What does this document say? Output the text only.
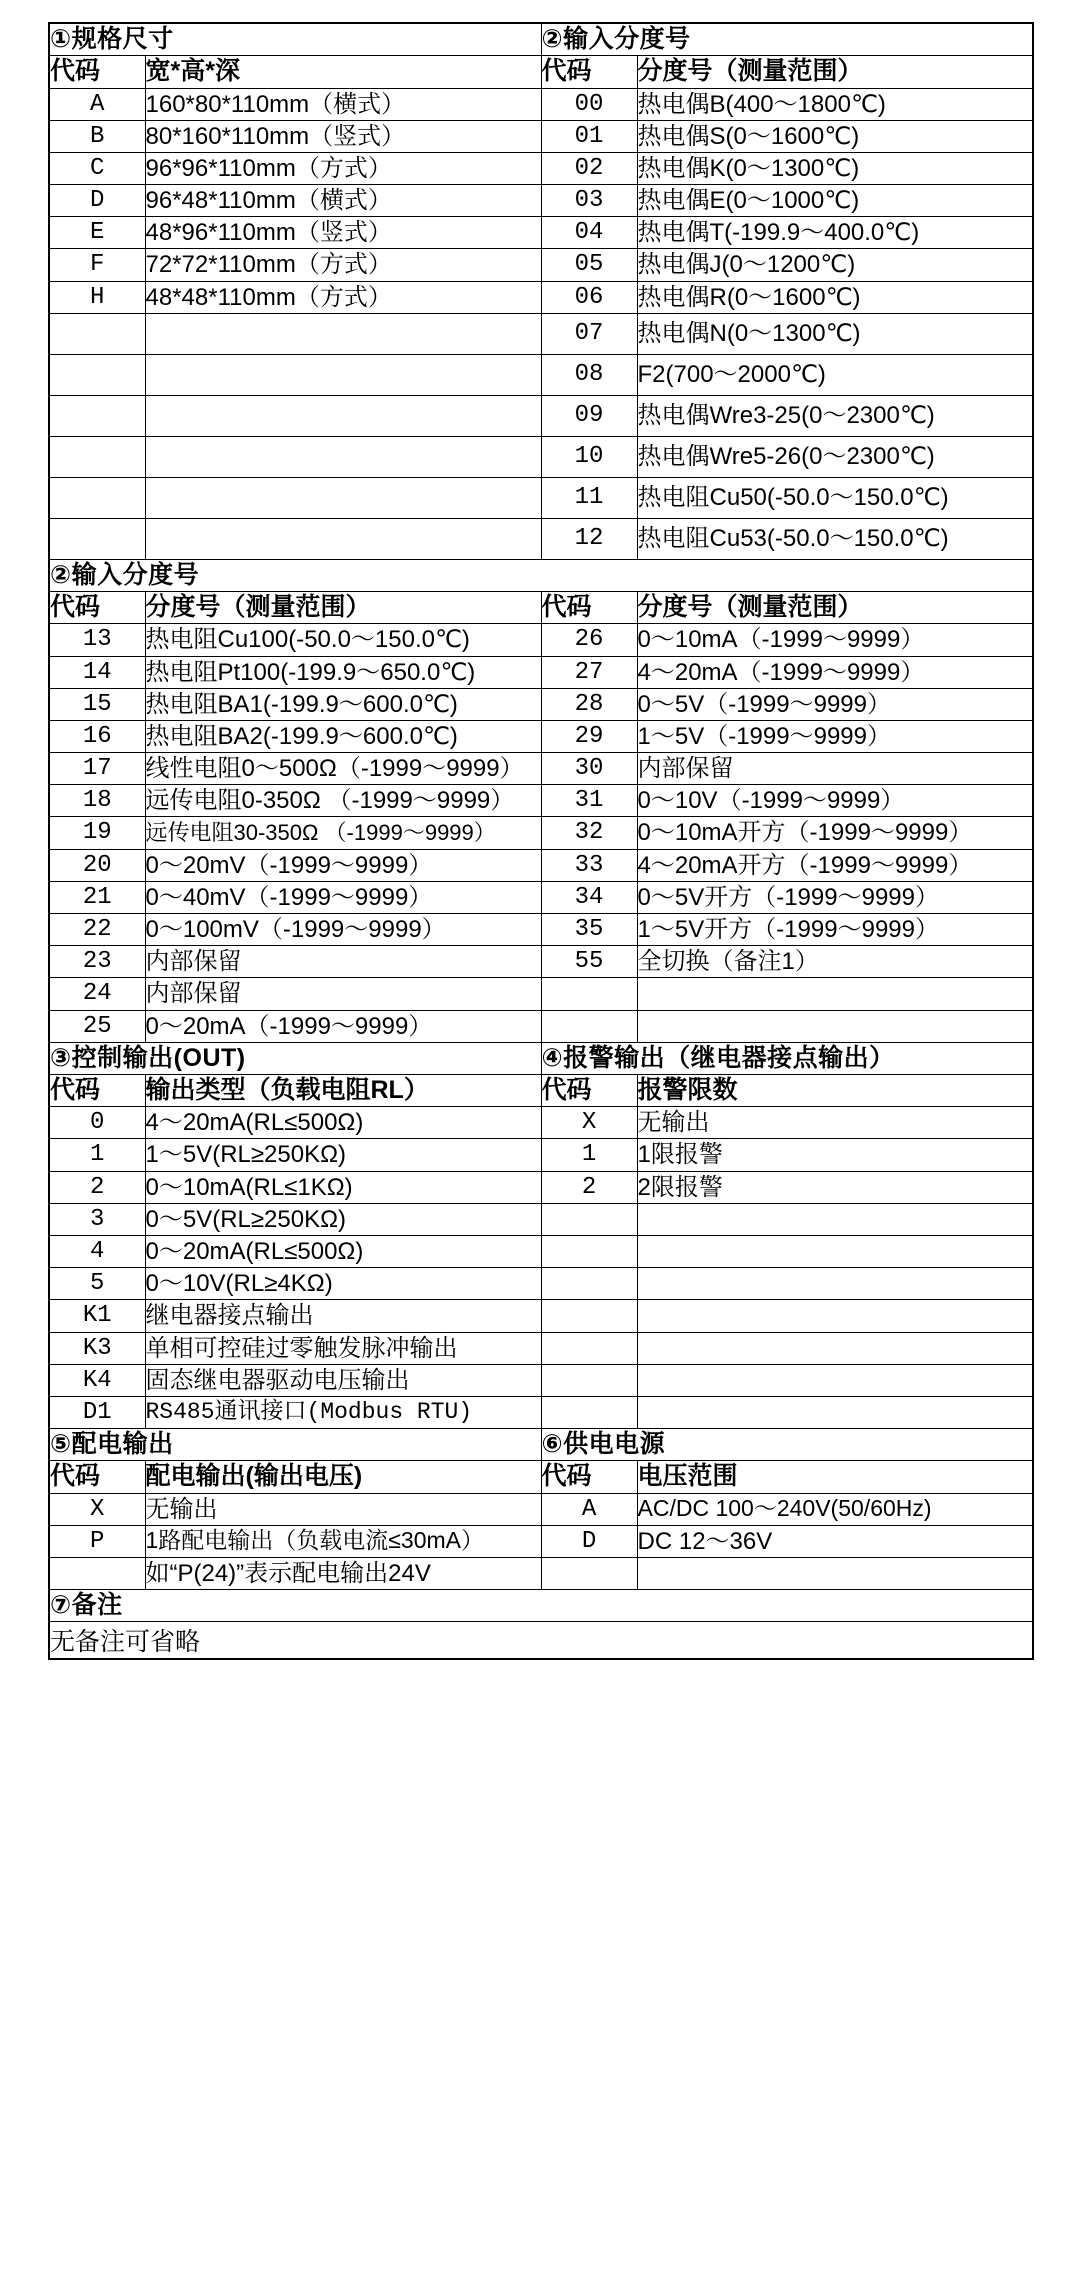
①规格尺寸		②输入分度号	
代码	宽*高*深	代码	分度号（测量范围）
A	160*80*110mm（横式）	00	热电偶B(400～1800℃)
B	80*160*110mm（竖式）	01	热电偶S(0～1600℃)
C	96*96*110mm（方式）	02	热电偶K(0～1300℃)
D	96*48*110mm（横式）	03	热电偶E(0～1000℃)
E	48*96*110mm（竖式）	04	热电偶T(-199.9～400.0℃)
F	72*72*110mm（方式）	05	热电偶J(0～1200℃)
H	48*48*110mm（方式）	06	热电偶R(0～1600℃)
		07	热电偶N(0～1300℃)
		08	F2(700～2000℃)
		09	热电偶Wre3-25(0～2300℃)
		10	热电偶Wre5-26(0～2300℃)
		11	热电阻Cu50(-50.0～150.0℃)
		12	热电阻Cu53(-50.0～150.0℃)
②输入分度号			
代码	分度号（测量范围）	代码	分度号（测量范围）
13	热电阻Cu100(-50.0～150.0℃)	26	0～10mA（-1999～9999）
14	热电阻Pt100(-199.9～650.0℃)	27	4～20mA（-1999～9999）
15	热电阻BA1(-199.9～600.0℃)	28	0～5V（-1999～9999）
16	热电阻BA2(-199.9～600.0℃)	29	1～5V（-1999～9999）
17	线性电阻0～500Ω（-1999～9999）	30	内部保留
18	远传电阻0-350Ω （-1999～9999）	31	0～10V（-1999～9999）
19	远传电阻30-350Ω （-1999～9999）	32	0～10mA开方（-1999～9999）
20	0～20mV（-1999～9999）	33	4～20mA开方（-1999～9999）
21	0～40mV（-1999～9999）	34	0～5V开方（-1999～9999）
22	0～100mV（-1999～9999）	35	1～5V开方（-1999～9999）
23	内部保留	55	全切换（备注1）
24	内部保留		
25	0～20mA（-1999～9999）		
③控制输出(OUT)		④报警输出（继电器接点输出）	
代码	输出类型（负载电阻RL）	代码	报警限数
0	4～20mA(RL≤500Ω)	X	无输出
1	1～5V(RL≥250KΩ)	1	1限报警
2	0～10mA(RL≤1KΩ)	2	2限报警
3	0～5V(RL≥250KΩ)		
4	0～20mA(RL≤500Ω)		
5	0～10V(RL≥4KΩ)		
K1	继电器接点输出		
K3	单相可控硅过零触发脉冲输出		
K4	固态继电器驱动电压输出		
D1	RS485通讯接口(Modbus RTU)		
⑤配电输出		⑥供电电源	
代码	配电输出(输出电压)	代码	电压范围
X	无输出	A	AC/DC 100～240V(50/60Hz)
P	1路配电输出（负载电流≤30mA）	D	DC 12～36V
	如“P(24)”表示配电输出24V		
⑦备注			
无备注可省略			
